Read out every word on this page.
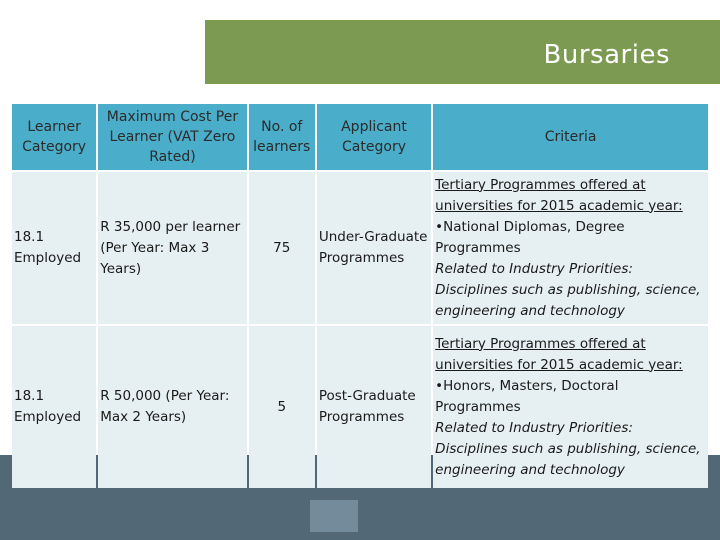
Bursaries
Learner Category	Maximum Cost Per Learner (VAT Zero Rated)	No. of learners	Applicant Category	Criteria
18.1 Employed	R 35,000 per learner (Per Year: Max 3 Years)	75	Under-Graduate Programmes	Tertiary Programmes offered at universities for 2015 academic year:
•National Diplomas, Degree Programmes
Related to Industry Priorities: Disciplines such as publishing, science, engineering and technology

18.1 Employed	R 50,000 (Per Year: Max 2 Years)	5	Post-Graduate Programmes	Tertiary Programmes offered at universities for 2015 academic year:
•Honors, Masters, Doctoral Programmes
Related to Industry Priorities: Disciplines such as publishing, science, engineering and technology
